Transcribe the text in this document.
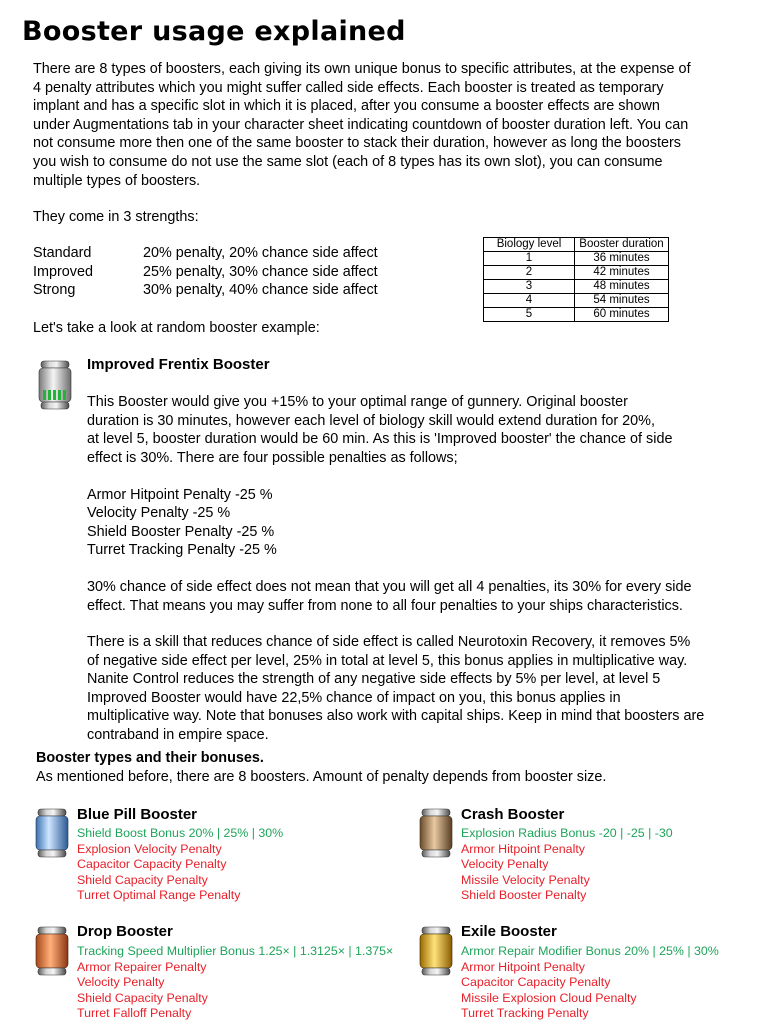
Booster usage explained
There are 8 types of boosters, each giving its own unique bonus to specific attributes, at the expense of
4 penalty attributes which you might suffer called side effects. Each booster is treated as temporary
implant and has a specific slot in which it is placed, after you consume a booster effects are shown
under Augmentations tab in your character sheet indicating countdown of booster duration left. You can
not consume more then one of the same booster to stack their duration, however as long the boosters
you wish to consume do not use the same slot (each of 8 types has its own slot), you can consume
multiple types of boosters.
They come in 3 strengths:
Standard	20% penalty, 20% chance side affect
Improved	25% penalty, 30% chance side affect
Strong	30% penalty, 40% chance side affect
Biology level	Booster duration
1	36 minutes
2	42 minutes
3	48 minutes
4	54 minutes
5	60 minutes
Let's take a look at random booster example:
Improved Frentix Booster
This Booster would give you +15% to your optimal range of gunnery. Original booster
duration is 30 minutes, however each level of biology skill would extend duration for 20%,
at level 5, booster duration would be 60 min. As this is 'Improved booster' the chance of side
effect is 30%. There are four possible penalties as follows;
Armor Hitpoint Penalty -25 %
Velocity Penalty -25 %
Shield Booster Penalty -25 %
Turret Tracking Penalty -25 %
30% chance of side effect does not mean that you will get all 4 penalties, its 30% for every side
effect. That means you may suffer from none to all four penalties to your ships characteristics.
There is a skill that reduces chance of side effect is called Neurotoxin Recovery, it removes 5%
of negative side effect per level, 25% in total at level 5, this bonus applies in multiplicative way.
Nanite Control reduces the strength of any negative side effects by 5% per level, at level 5
Improved Booster would have 22,5% chance of impact on you, this bonus applies in
multiplicative way. Note that bonuses also work with capital ships. Keep in mind that boosters are
contraband in empire space.
Booster types and their bonuses.
As mentioned before, there are 8 boosters. Amount of penalty depends from booster size.
Blue Pill Booster
Shield Boost Bonus 20% | 25% | 30%
Explosion Velocity Penalty
Capacitor Capacity Penalty
Shield Capacity Penalty
Turret Optimal Range Penalty
Crash Booster
Explosion Radius Bonus -20 | -25 | -30
Armor Hitpoint Penalty
Velocity Penalty
Missile Velocity Penalty
Shield Booster Penalty
Drop Booster
Tracking Speed Multiplier Bonus 1.25× | 1.3125× | 1.375×
Armor Repairer Penalty
Velocity Penalty
Shield Capacity Penalty
Turret Falloff Penalty
Exile Booster
Armor Repair Modifier Bonus 20% | 25% | 30%
Armor Hitpoint Penalty
Capacitor Capacity Penalty
Missile Explosion Cloud Penalty
Turret Tracking Penalty
